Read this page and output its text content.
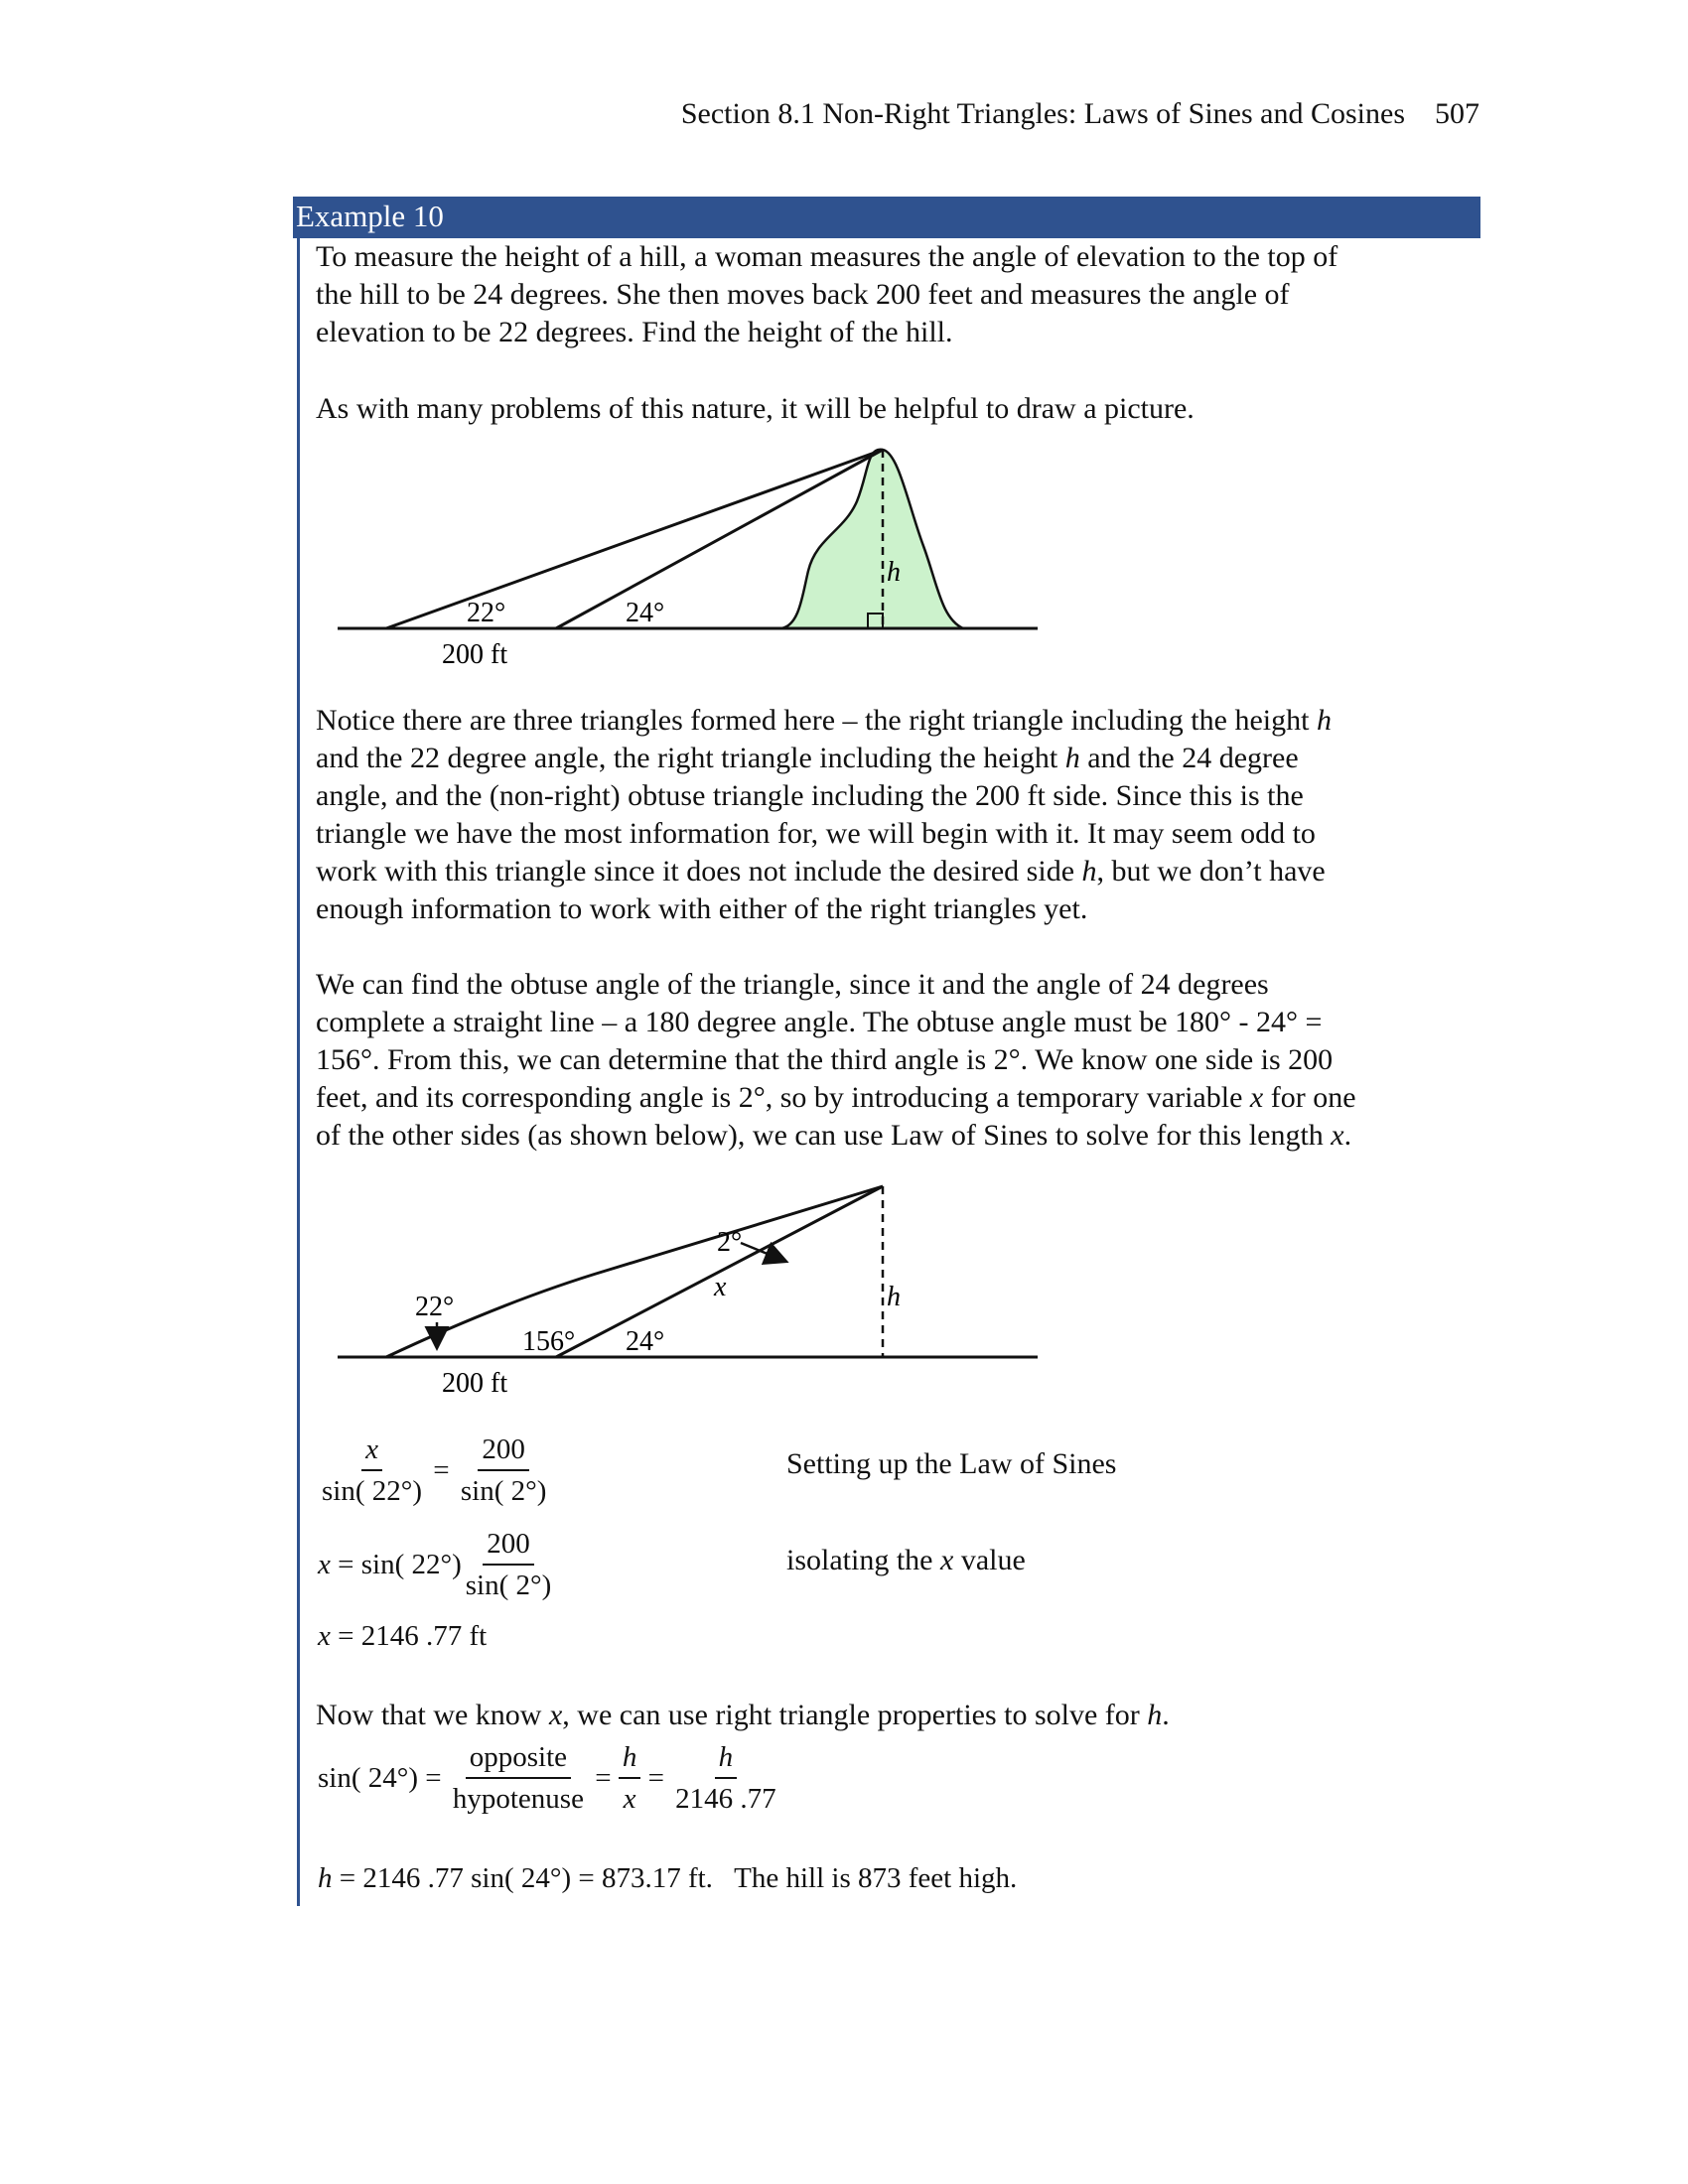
Section 8.1 Non-Right Triangles: Laws of Sines and Cosines 507
Example 10
To measure the height of a hill, a woman measures the angle of elevation to the top of
the hill to be 24 degrees. She then moves back 200 feet and measures the angle of
elevation to be 22 degrees. Find the height of the hill.
As with many problems of this nature, it will be helpful to draw a picture.
h
22°	24°
200 ft
Notice there are three triangles formed here – the right triangle including the height h
and the 22 degree angle, the right triangle including the height h and the 24 degree
angle, and the (non-right) obtuse triangle including the 200 ft side. Since this is the
triangle we have the most information for, we will begin with it. It may seem odd to
work with this triangle since it does not include the desired side h, but we don’t have
enough information to work with either of the right triangles yet.
We can find the obtuse angle of the triangle, since it and the angle of 24 degrees
complete a straight line – a 180 degree angle. The obtuse angle must be 180° - 24° =
156°. From this, we can determine that the third angle is 2°. We know one side is 200
feet, and its corresponding angle is 2°, so by introducing a temporary variable x for one
of the other sides (as shown below), we can use Law of Sines to solve for this length x.
2°
22°
156° 24°
x	h
200 ft
$\frac{x}{\sin( 22^\circ)}$
=
$\frac{200}{\sin( 2^\circ)}$	Setting up the Law of Sines
x = sin( $22^\circ) \frac{200}{\sin( 2^\circ)}$	isolating the x value
x = 2146 .77 ft
Now that we know x, we can use right triangle properties to solve for h.
sin( 24°) =
$\frac{\text{opposite}}{\text{hypotenuse}} = \frac{h}{x} = \frac{h}{2146 .77}$
h = 2146 .77 sin( 24°) = 873.17 ft. The hill is 873 feet high.
